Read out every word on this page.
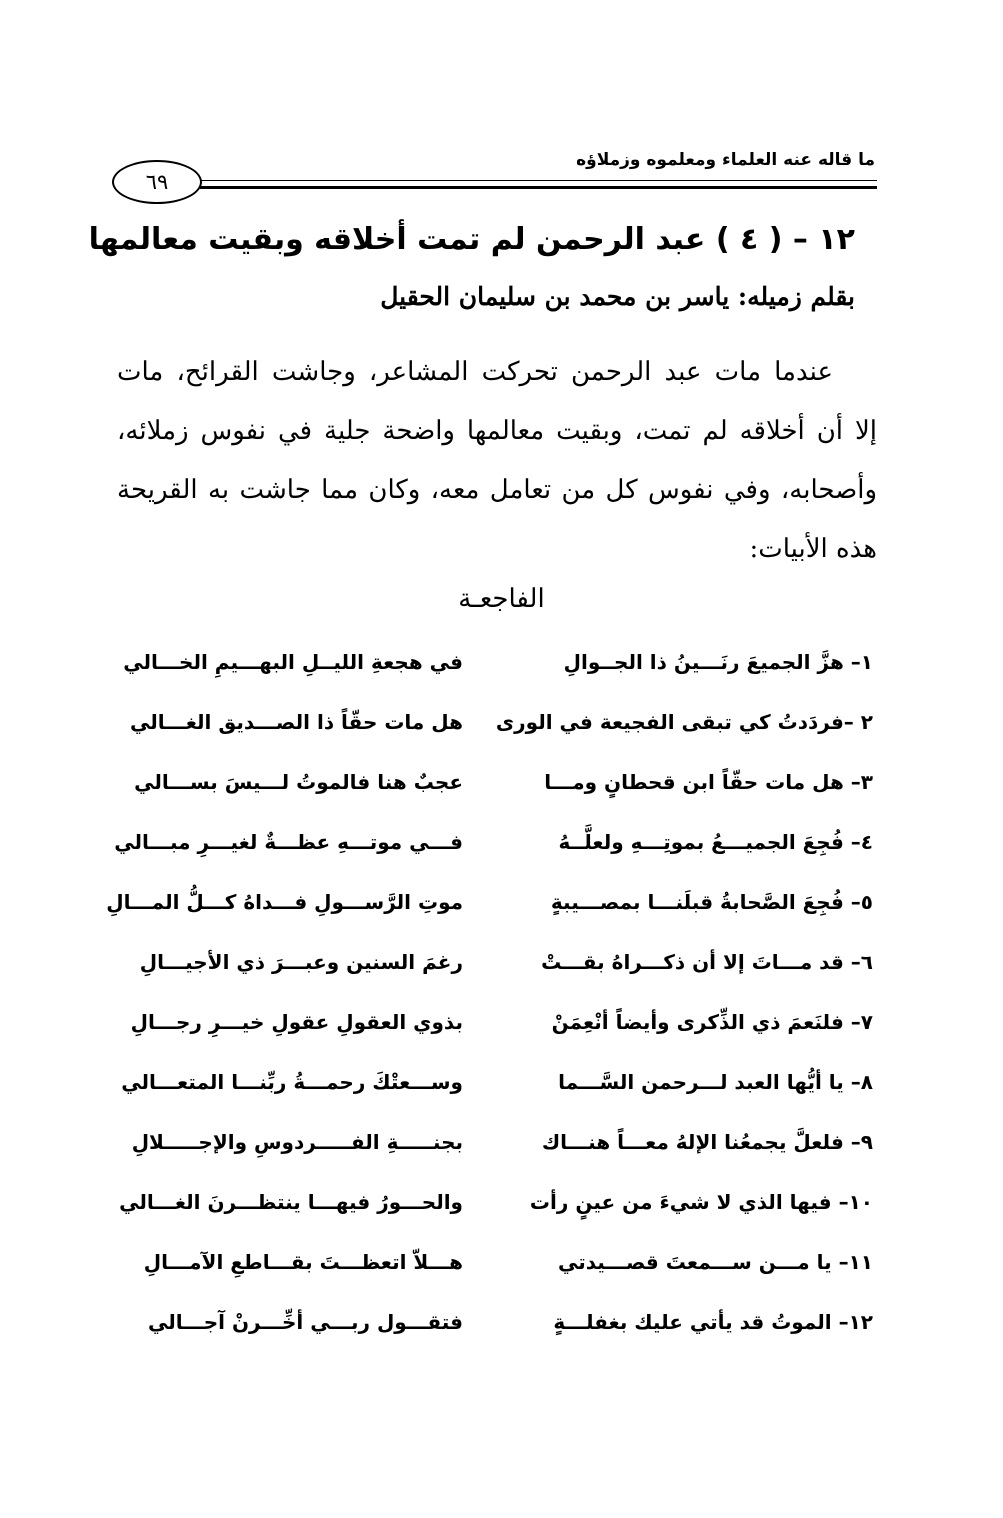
ما قاله عنه العلماء ومعلموه وزملاؤه
٦٩
١٢ – ( ٤ ) عبد الرحمن لم تمت أخلاقه وبقيت معالمها
بقلم زميله: ياسر بن محمد بن سليمان الحقيل
عندما مات عبد الرحمن تحركت المشاعر، وجاشت القرائح، مات
إلا أن أخلاقه لم تمت، وبقيت معالمها واضحة جلية في نفوس زملائه،
وأصحابه، وفي نفوس كل من تعامل معه، وكان مما جاشت به القريحة
هذه الأبيات:
الفاجعـة
١– هزَّ الجميعَ رنَـــينُ ذا الجــوالِ
في هجعةِ الليــلِ البهـــيمِ الخـــالي
٢ –فردَدتُ كي تبقى الفجيعة في الورى
هل مات حقّاً ذا الصـــديق الغـــالي
٣– هل مات حقّاً ابن قحطانٍ ومـــا
عجبٌ هنا فالموتُ لـــيسَ بســـالي
٤– فُجِعَ الجميـــعُ بموتِـــهِ ولعلَّــهُ
فـــي موتـــهِ عظـــةٌ لغيـــرِ مبـــالي
٥– فُجِعَ الصَّحابةُ قبلَنـــا بمصـــيبةٍ
موتِ الرَّســـولِ فـــداهُ كـــلُّ المـــالِ
٦– قد مـــاتَ إلا أن ذكـــراهُ بقـــتْ
رغمَ السنين وعبـــرَ ذي الأجيـــالِ
٧– فلنَعمَ ذي الذِّكرى وأيضاً أنْعِمَنْ
بذوي العقولِ عقولِ خيـــرِ رجـــالِ
٨– يا أيُّها العبد لـــرحمن السَّـــما
وســـعتْكَ رحمـــةُ ربِّنـــا المتعـــالي
٩– فلعلَّ يجمعُنا الإلهُ معـــاً هنـــاك
بجنـــــةِ الفـــــردوسِ والإجـــــلالِ
١٠– فيها الذي لا شيءَ من عينٍ رأت
والحـــورُ فيهـــا ينتظـــرنَ الغـــالي
١١– يا مـــن ســـمعتَ قصـــيدتي
هـــلاّ اتعظـــتَ بقـــاطعِ الآمـــالِ
١٢– الموتُ قد يأتي عليك بغفلـــةٍ
فتقـــول ربـــي أخِّـــرنْ آجـــالي
